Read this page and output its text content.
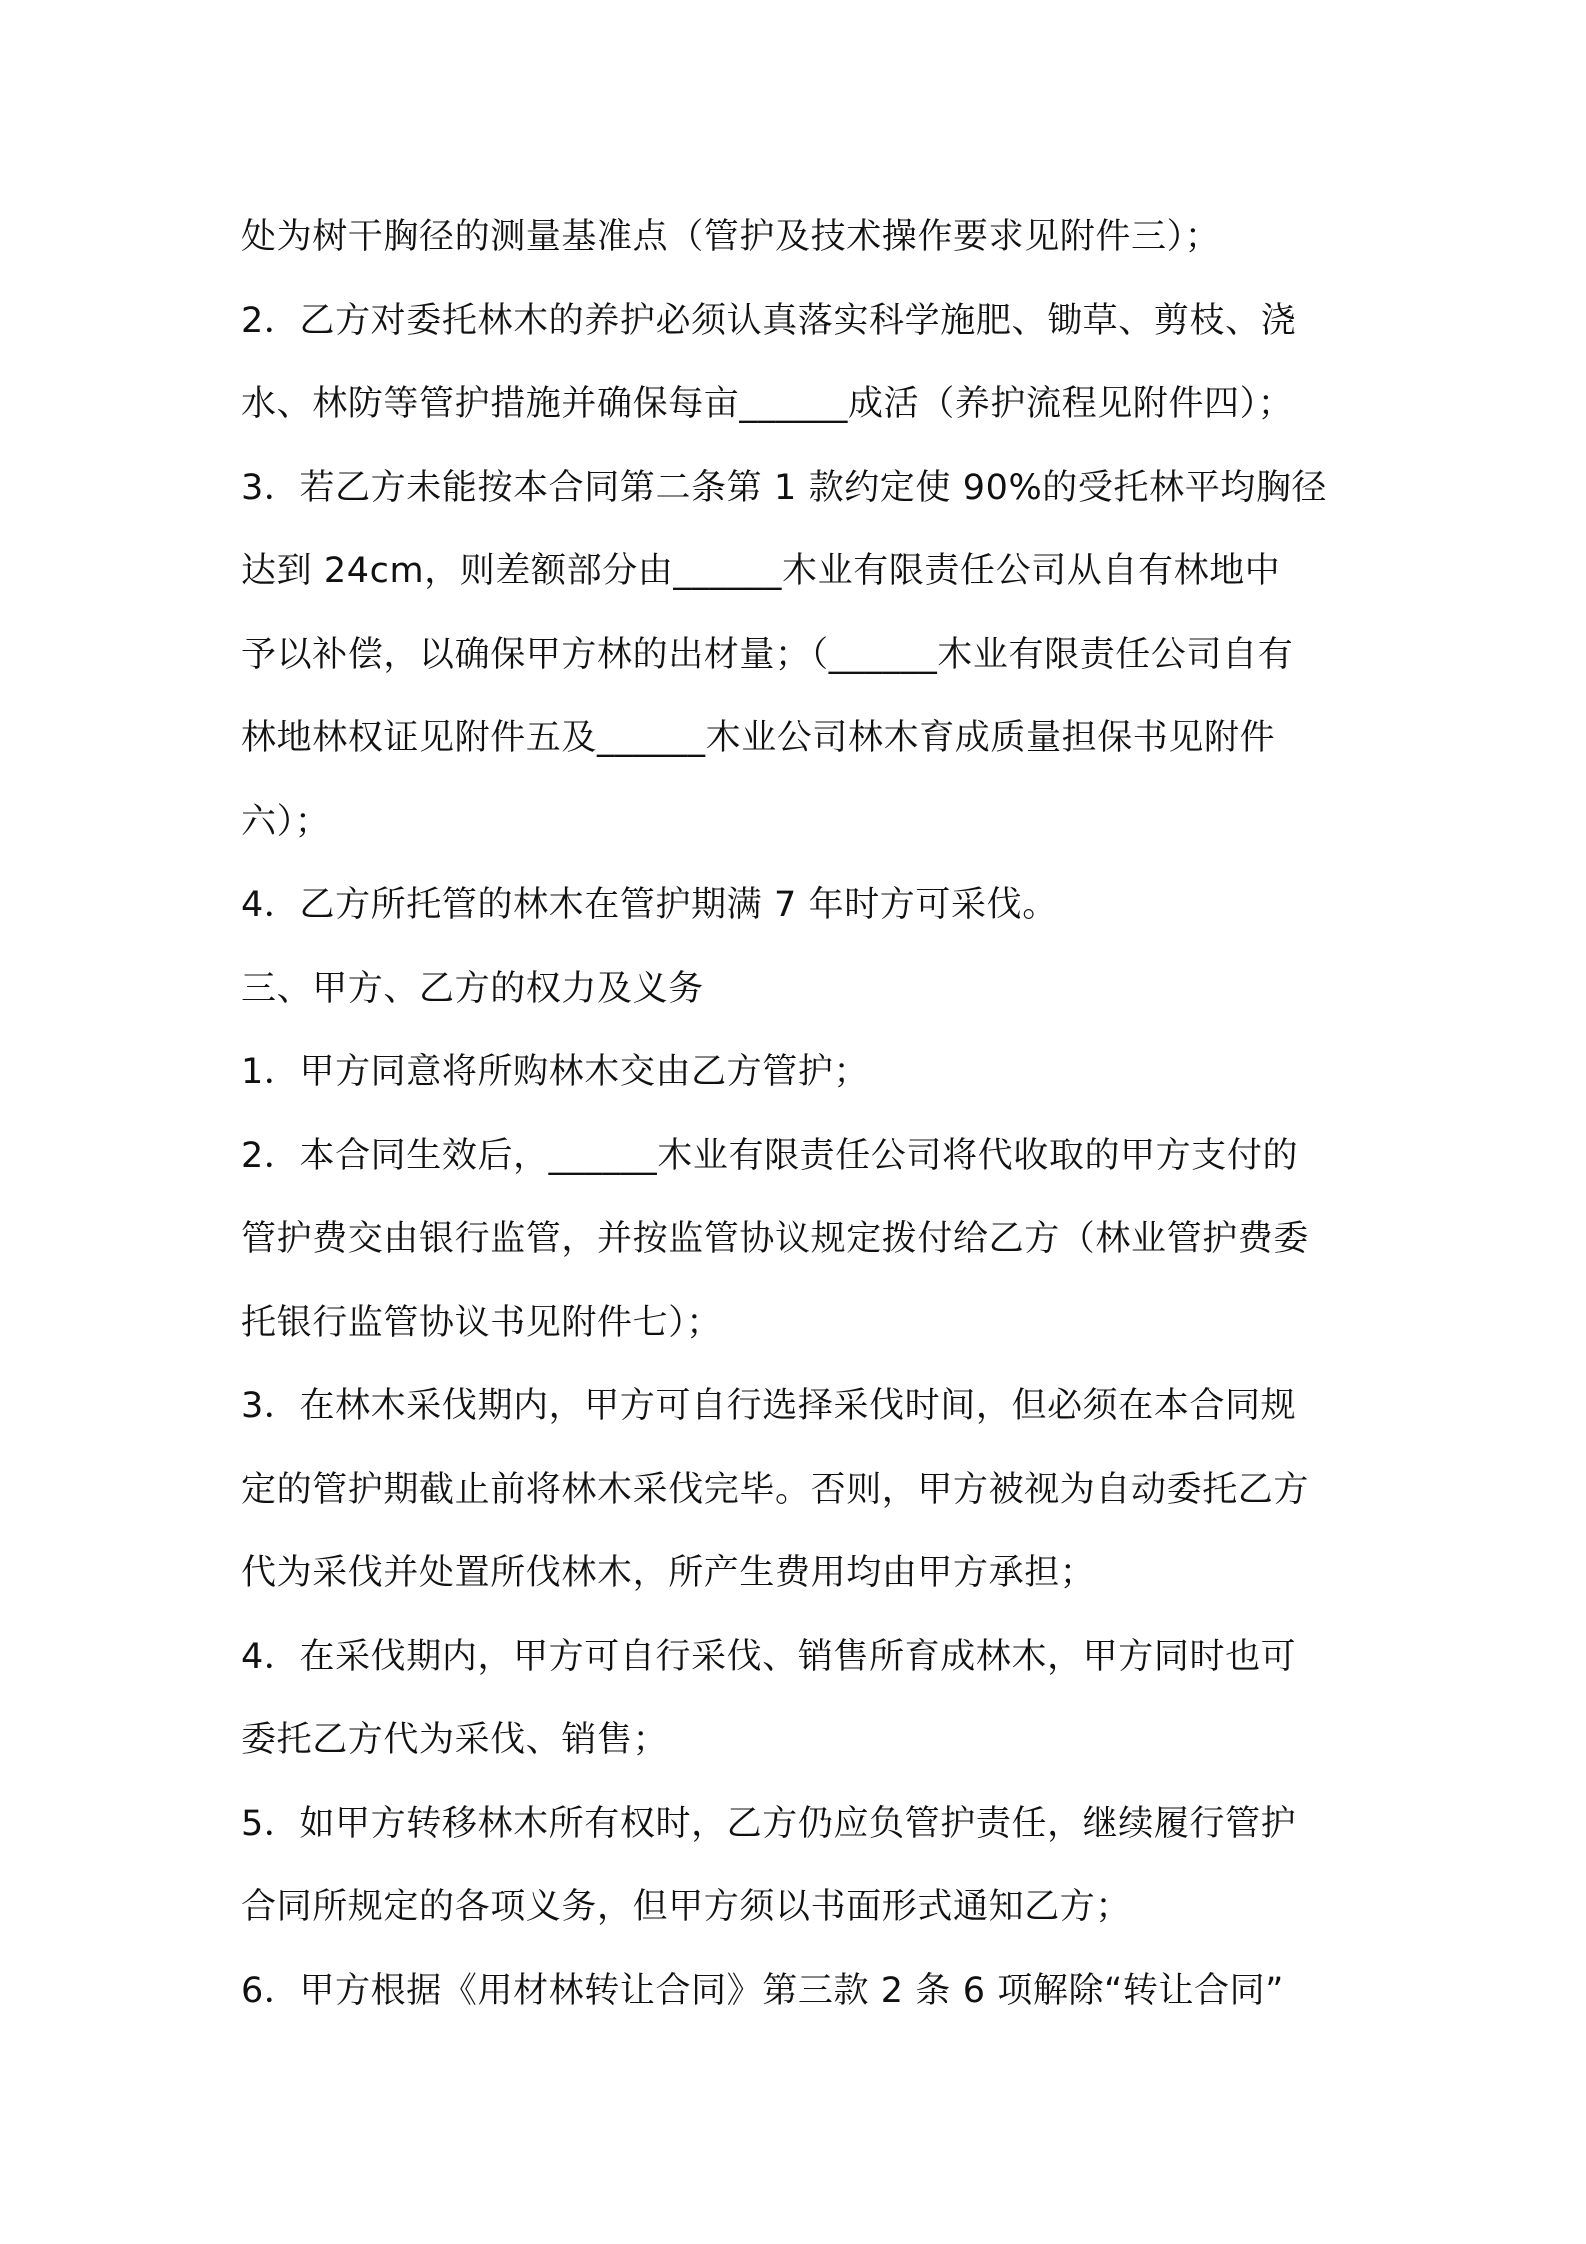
处为树干胸径的测量基准点（管护及技术操作要求见附件三）；
2．乙方对委托林木的养护必须认真落实科学施肥、锄草、剪枝、浇
水、林防等管护措施并确保每亩______成活（养护流程见附件四）；
3．若乙方未能按本合同第二条第 1 款约定使 90%的受托林平均胸径
达到 24cm，则差额部分由______木业有限责任公司从自有林地中
予以补偿，以确保甲方林的出材量；（______木业有限责任公司自有
林地林权证见附件五及______木业公司林木育成质量担保书见附件
六）；
4．乙方所托管的林木在管护期满 7 年时方可采伐。
三、甲方、乙方的权力及义务
1．甲方同意将所购林木交由乙方管护；
2．本合同生效后，______木业有限责任公司将代收取的甲方支付的
管护费交由银行监管，并按监管协议规定拨付给乙方（林业管护费委
托银行监管协议书见附件七）；
3．在林木采伐期内，甲方可自行选择采伐时间，但必须在本合同规
定的管护期截止前将林木采伐完毕。否则，甲方被视为自动委托乙方
代为采伐并处置所伐林木，所产生费用均由甲方承担；
4．在采伐期内，甲方可自行采伐、销售所育成林木，甲方同时也可
委托乙方代为采伐、销售；
5．如甲方转移林木所有权时，乙方仍应负管护责任，继续履行管护
合同所规定的各项义务，但甲方须以书面形式通知乙方；
6．甲方根据《用材林转让合同》第三款 2 条 6 项解除“转让合同”
